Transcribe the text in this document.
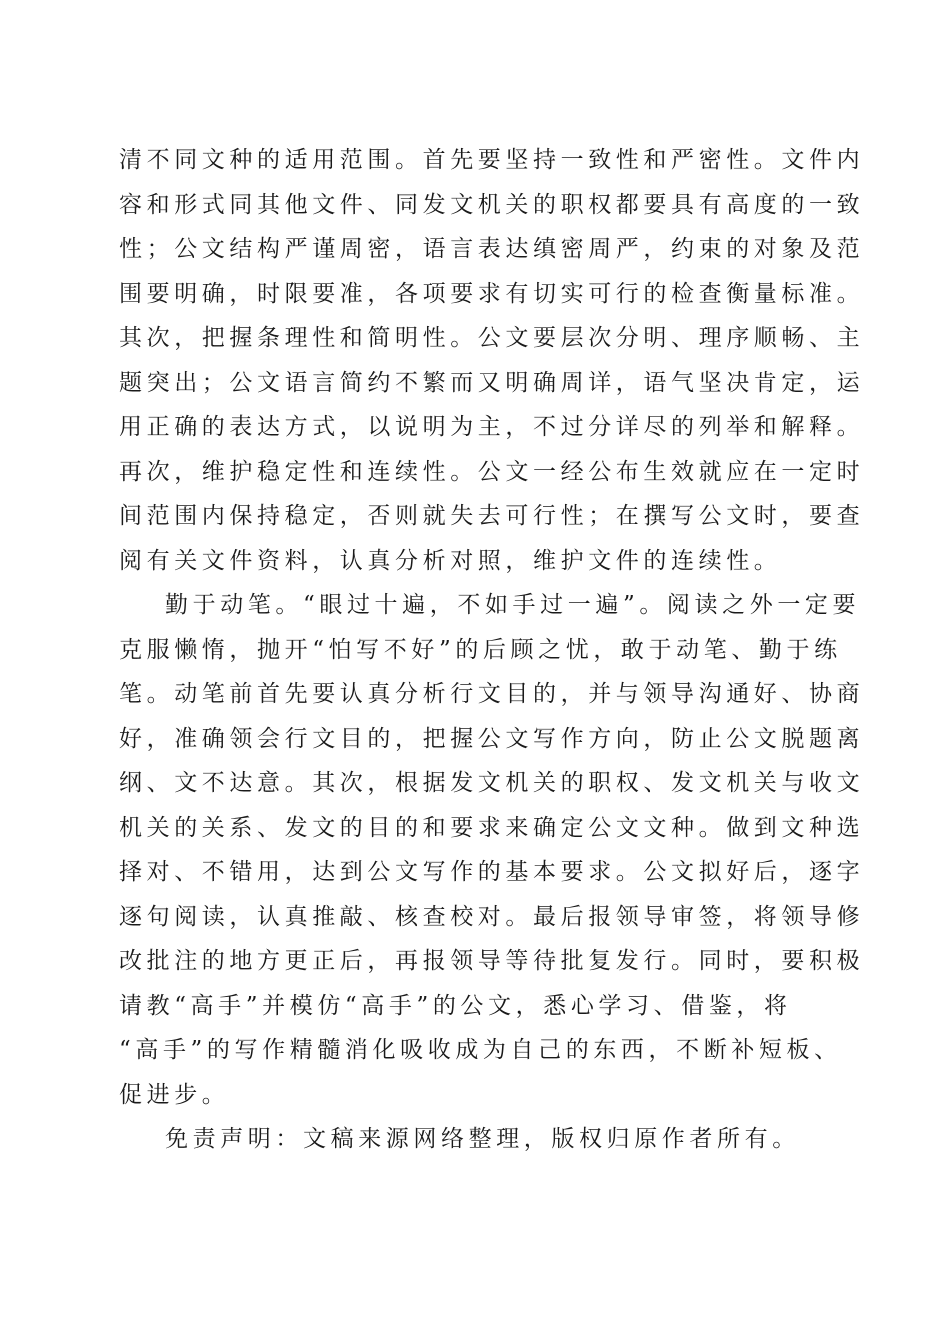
清不同文种的适用范围。首先要坚持一致性和严密性。文件内
容和形式同其他文件、同发文机关的职权都要具有高度的一致
性；公文结构严谨周密，语言表达缜密周严，约束的对象及范
围要明确，时限要准，各项要求有切实可行的检查衡量标准。
其次，把握条理性和简明性。公文要层次分明、理序顺畅、主
题突出；公文语言简约不繁而又明确周详，语气坚决肯定，运
用正确的表达方式，以说明为主，不过分详尽的列举和解释。
再次，维护稳定性和连续性。公文一经公布生效就应在一定时
间范围内保持稳定，否则就失去可行性；在撰写公文时，要查
阅有关文件资料，认真分析对照，维护文件的连续性。
勤于动笔。“眼过十遍，不如手过一遍”。阅读之外一定要
克服懒惰，抛开“怕写不好”的后顾之忧，敢于动笔、勤于练
笔。动笔前首先要认真分析行文目的，并与领导沟通好、协商
好，准确领会行文目的，把握公文写作方向，防止公文脱题离
纲、文不达意。其次，根据发文机关的职权、发文机关与收文
机关的关系、发文的目的和要求来确定公文文种。做到文种选
择对、不错用，达到公文写作的基本要求。公文拟好后，逐字
逐句阅读，认真推敲、核查校对。最后报领导审签，将领导修
改批注的地方更正后，再报领导等待批复发行。同时，要积极
请教“高手”并模仿“高手”的公文，悉心学习、借鉴，将
“高手”的写作精髓消化吸收成为自己的东西，不断补短板、
促进步。
免责声明：文稿来源网络整理，版权归原作者所有。
